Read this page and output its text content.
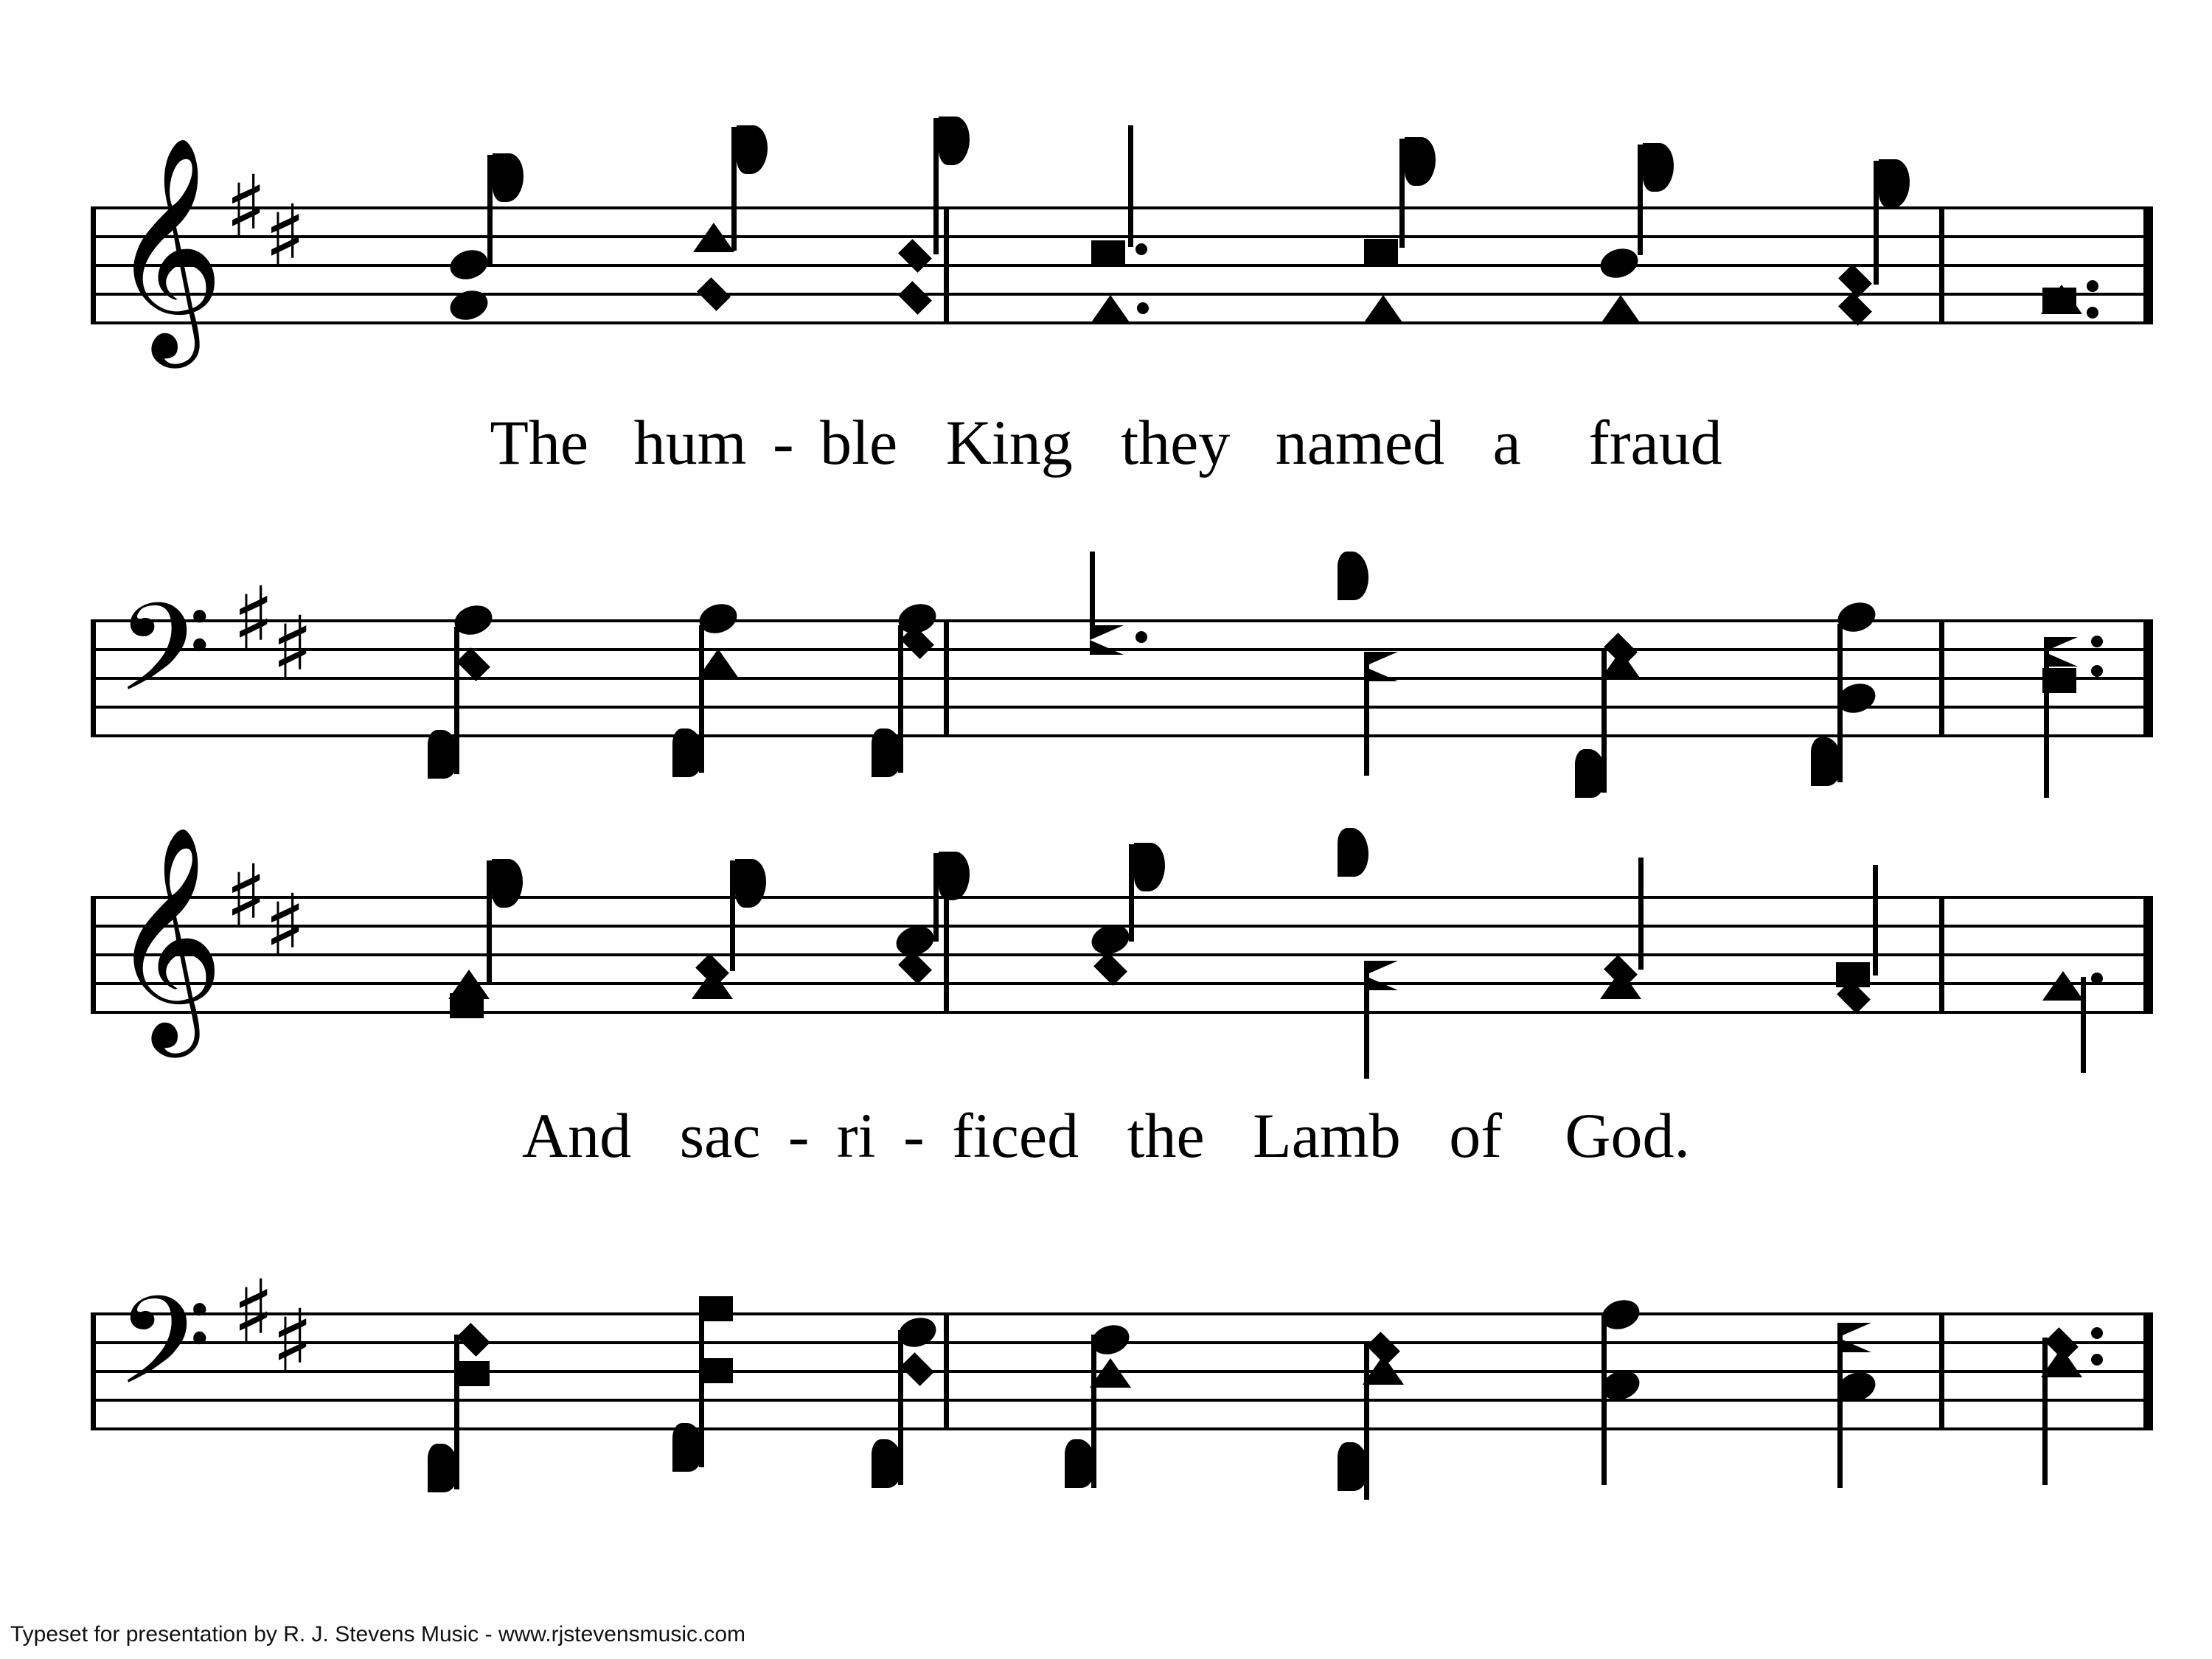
𝄞 ♯
♯
The hum - ble King they named a fraud
𝄢 ♯
♯
𝄞 ♯
♯
And sac - ri - ficed the Lamb of God.
𝄢 ♯
♯
Typeset for presentation by R. J. Stevens Music - www.rjstevensmusic.com
